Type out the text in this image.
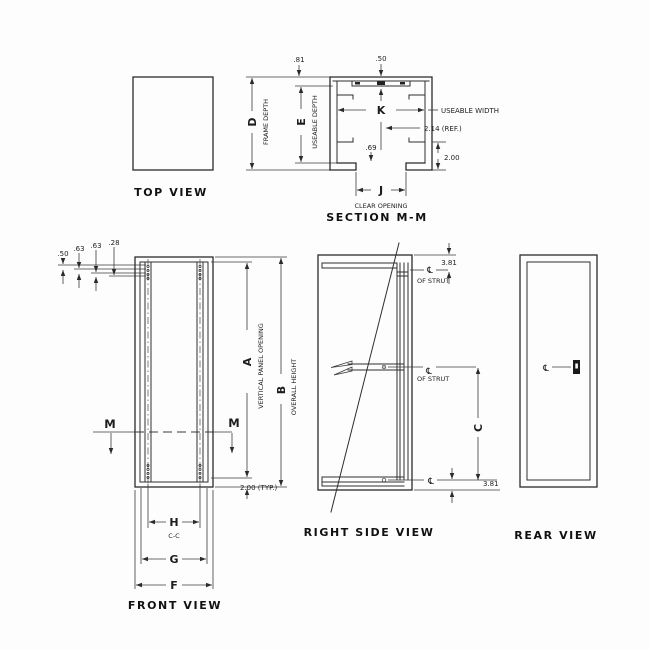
TOP VIEW
D FRAME DEPTH E USEABLE DEPTH
.81	.50
K	USEABLE WIDTH
2.14 (REF.)
.69
2.00
J
CLEAR OPENING
SECTION M-M
.50
.63 .63 .28
M	M
A VERTICAL PANEL OPENING B OVERALL HEIGHT
2.00 (TYP.)
H
C-C
G
F
FRONT VIEW
℄
3.81
OF STRUT
℄
OF STRUT
C
℄	3.81
RIGHT SIDE VIEW
℄
REAR VIEW
